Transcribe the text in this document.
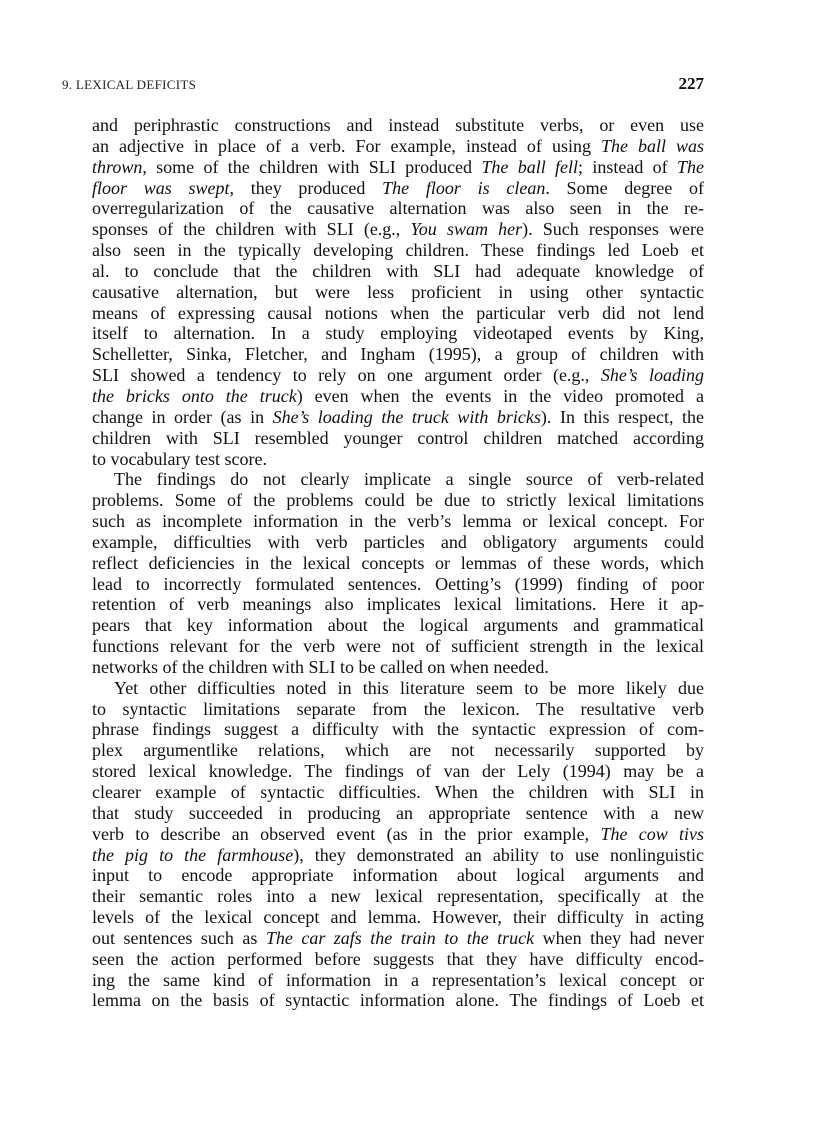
9. LEXICAL DEFICITS	227
and periphrastic constructions and instead substitute verbs, or even use
an adjective in place of a verb. For example, instead of using The ball was
thrown, some of the children with SLI produced The ball fell; instead of The
floor was swept, they produced The floor is clean. Some degree of
overregularization of the causative alternation was also seen in the re-
sponses of the children with SLI (e.g., You swam her). Such responses were
also seen in the typically developing children. These findings led Loeb et
al. to conclude that the children with SLI had adequate knowledge of
causative alternation, but were less proficient in using other syntactic
means of expressing causal notions when the particular verb did not lend
itself to alternation. In a study employing videotaped events by King,
Schelletter, Sinka, Fletcher, and Ingham (1995), a group of children with
SLI showed a tendency to rely on one argument order (e.g., She’s loading
the bricks onto the truck) even when the events in the video promoted a
change in order (as in She’s loading the truck with bricks). In this respect, the
children with SLI resembled younger control children matched according
to vocabulary test score.
The findings do not clearly implicate a single source of verb-related
problems. Some of the problems could be due to strictly lexical limitations
such as incomplete information in the verb’s lemma or lexical concept. For
example, difficulties with verb particles and obligatory arguments could
reflect deficiencies in the lexical concepts or lemmas of these words, which
lead to incorrectly formulated sentences. Oetting’s (1999) finding of poor
retention of verb meanings also implicates lexical limitations. Here it ap-
pears that key information about the logical arguments and grammatical
functions relevant for the verb were not of sufficient strength in the lexical
networks of the children with SLI to be called on when needed.
Yet other difficulties noted in this literature seem to be more likely due
to syntactic limitations separate from the lexicon. The resultative verb
phrase findings suggest a difficulty with the syntactic expression of com-
plex argumentlike relations, which are not necessarily supported by
stored lexical knowledge. The findings of van der Lely (1994) may be a
clearer example of syntactic difficulties. When the children with SLI in
that study succeeded in producing an appropriate sentence with a new
verb to describe an observed event (as in the prior example, The cow tivs
the pig to the farmhouse), they demonstrated an ability to use nonlinguistic
input to encode appropriate information about logical arguments and
their semantic roles into a new lexical representation, specifically at the
levels of the lexical concept and lemma. However, their difficulty in acting
out sentences such as The car zafs the train to the truck when they had never
seen the action performed before suggests that they have difficulty encod-
ing the same kind of information in a representation’s lexical concept or
lemma on the basis of syntactic information alone. The findings of Loeb et
